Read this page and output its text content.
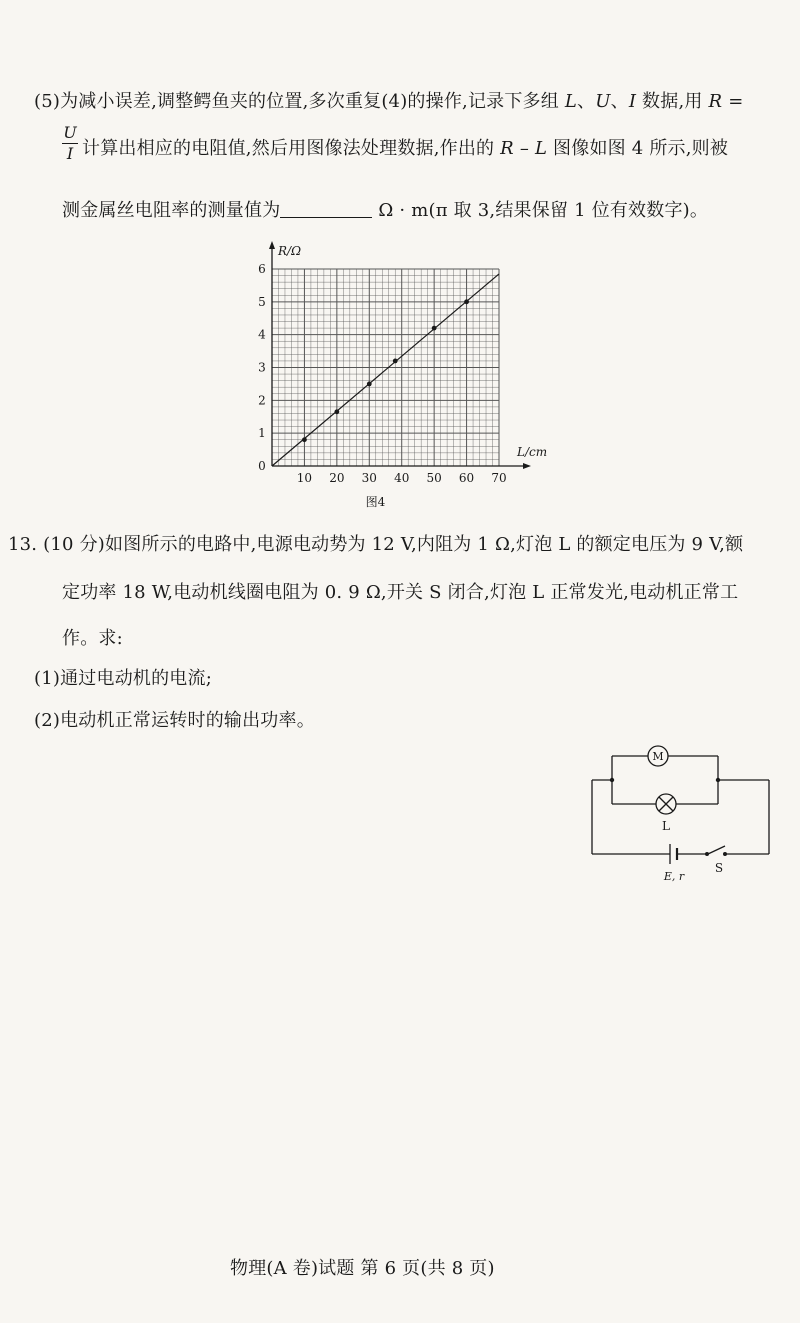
(5)为减小误差,调整鳄鱼夹的位置,多次重复(4)的操作,记录下多组 L、U、I 数据,用 R =
U
I 计算出相应的电阻值,然后用图像法处理数据,作出的 R – L 图像如图 4 所示,则被
测金属丝电阻率的测量值为	Ω · m(π 取 3,结果保留 1 位有效数字)。
10 20 30 40 50 60 70
1
2
3
4
5
6
0
L/cm
R/Ω
图4
13. (10 分)如图所示的电路中,电源电动势为 12 V,内阻为 1 Ω,灯泡 L 的额定电压为 9 V,额
定功率 18 W,电动机线圈电阻为 0. 9 Ω,开关 S 闭合,灯泡 L 正常发光,电动机正常工
作。求:
(1)通过电动机的电流;
(2)电动机正常运转时的输出功率。
M
L
E, r
S
物理(A 卷)试题 第 6 页(共 8 页)
